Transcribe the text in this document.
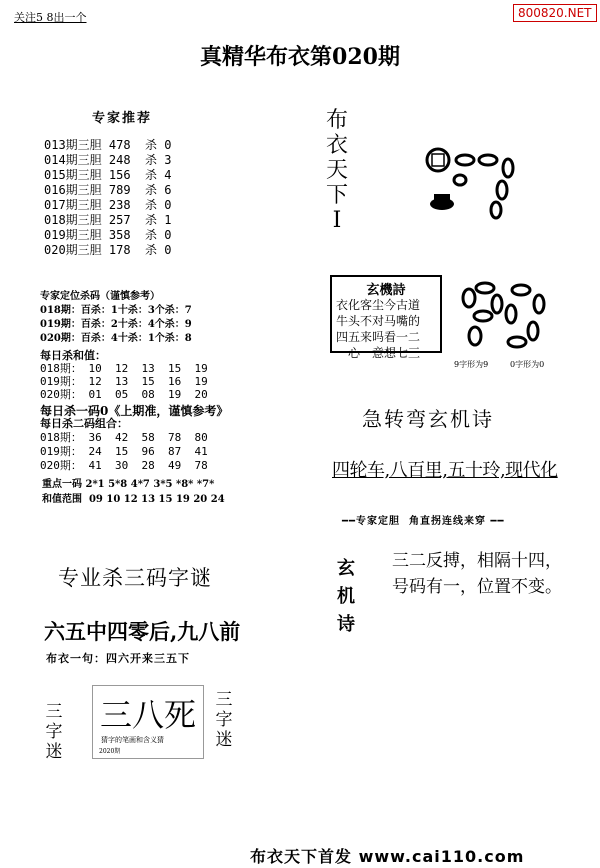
关注5 8出一个	800820.NET
真精华布衣第020期
专家推荐
013期三胆 478  杀 0
014期三胆 248  杀 3
015期三胆 156  杀 4
016期三胆 789  杀 6
017期三胆 238  杀 0
018期三胆 257  杀 1
019期三胆 358  杀 0
020期三胆 178  杀 0
专家定位杀码（谨慎参考）
018期：百杀：1十杀：3个杀：7
019期：百杀：2十杀：4个杀：9
020期：百杀：4十杀：1个杀：8
每日杀和值：
018期： 10  12  13  15  19
019期： 12  13  15  16  19
020期： 01  05  08  19  20
每日杀一码0《上期准，谨慎参考》
每日杀二码组合：
018期： 36  42  58  78  80
019期： 24  15  96  87  41
020期： 41  30  28  49  78
重点一码 2*1 5*8 4*7 3*5 *8* *7*
和值范围  09 10 12 13 15 19 20 24
专业杀三码字谜
六五中四零后,九八前
布衣一句：四六开来三五下
三字迷
三八死
猜字的笔画和含义猜
2020期
三字迷
布衣天下I
玄機詩
衣化客尘今古道
牛头不对马嘴的
四五来吗看一二
一心一意想七三
9字形为9	0字形为0
急转弯玄机诗
四轮车,八百里,五十玲,现代化
━━专家定胆  角直拐连线来穿 ━━
玄机诗
三二反搏，相隔十四，
号码有一，位置不变。
布衣天下首发 www.cai110.com
